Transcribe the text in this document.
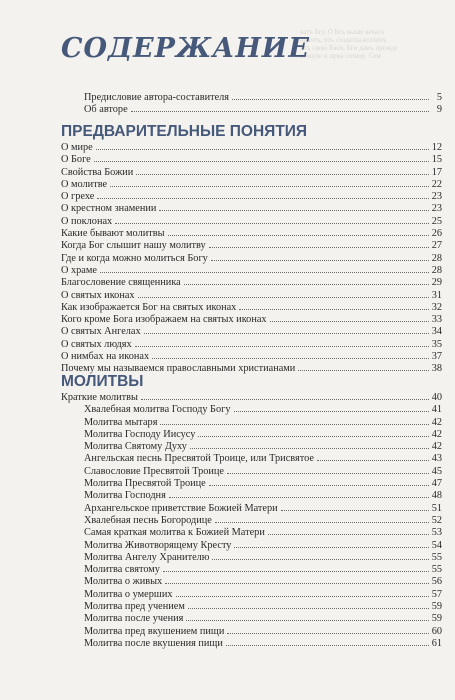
ватъ Бгу. О Бгъ выше вечаго
неоѳтъ, отъ создатла вселенъ
Бгъ свою Бжія, Бги дамъ прежде
вечную и приа сотвор. Сем
СОДЕРЖАНИЕ
Предисловие автора-составителя	5
Об авторе	9
ПРЕДВАРИТЕЛЬНЫЕ ПОНЯТИЯ
О мире	12
О Боге	15
Свойства Божии	17
О молитве	22
О грехе	23
О крестном знамении	23
О поклонах	25
Какие бывают молитвы	26
Когда Бог слышит нашу молитву	27
Где и когда можно молиться Богу	28
О храме	28
Благословение священника	29
О святых иконах	31
Как изображается Бог на святых иконах	32
Кого кроме Бога изображаем на святых иконах	33
О святых Ангелах	34
О святых людях	35
О нимбах на иконах	37
Почему мы называемся православными христианами	38
МОЛИТВЫ
Краткие молитвы	40
Хвалебная молитва Господу Богу	41
Молитва мытаря	42
Молитва Господу Иисусу	42
Молитва Святому Духу	42
Ангельская песнь Пресвятой Троице, или Трисвятое	43
Славословие Пресвятой Троице	45
Молитва Пресвятой Троице	47
Молитва Господня	48
Архангельское приветствие Божией Матери	51
Хвалебная песнь Богородице	52
Самая краткая молитва к Божией Матери	53
Молитва Животворящему Кресту	54
Молитва Ангелу Хранителю	55
Молитва святому	55
Молитва о живых	56
Молитва о умерших	57
Молитва пред учением	59
Молитва после учения	59
Молитва пред вкушением пищи	60
Молитва после вкушения пищи	61
